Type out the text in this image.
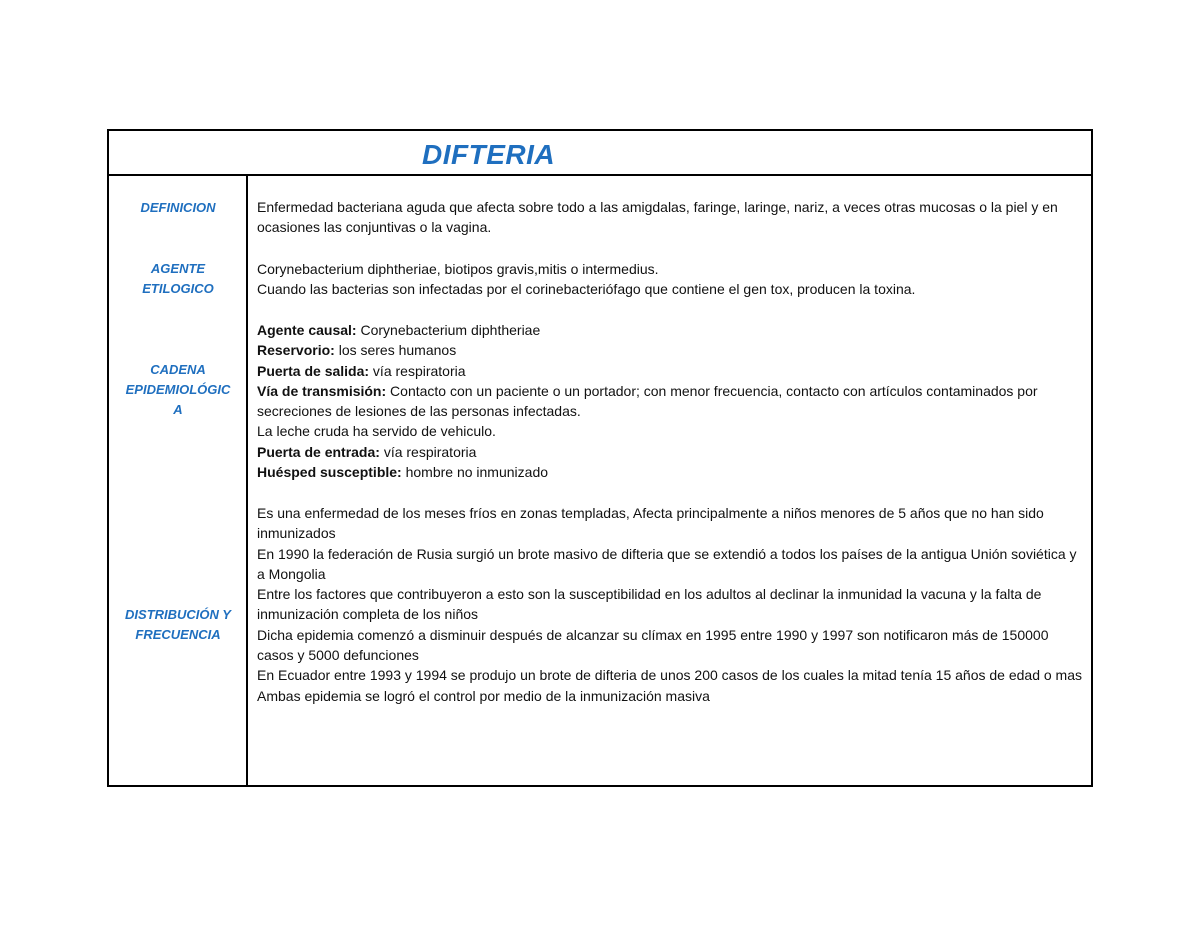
DIFTERIA
DEFINICION
AGENTE
ETILOGICO
CADENA
EPIDEMIOLÓGIC
A
DISTRIBUCIÓN Y
FRECUENCIA

Enfermedad bacteriana aguda que afecta sobre todo a las amigdalas, faringe, laringe, nariz, a veces otras mucosas o la piel y en ocasiones las conjuntivas o la vagina.

Corynebacterium diphtheriae, biotipos gravis,mitis o intermedius.

Cuando las bacterias son infectadas por el corinebacteriófago que contiene el gen tox, producen la toxina.

Agente causal: Corynebacterium diphtheriae

Reservorio: los seres humanos

Puerta de salida: vía respiratoria

Vía de transmisión: Contacto con un paciente o un portador; con menor frecuencia, contacto con artículos contaminados por secreciones de lesiones de las personas infectadas.

La leche cruda ha servido de vehiculo.

Puerta de entrada: vía respiratoria

Huésped susceptible: hombre no inmunizado

Es una enfermedad de los meses fríos en zonas templadas, Afecta principalmente a niños menores de 5 años que no han sido inmunizados

En 1990 la federación de Rusia surgió un brote masivo de difteria que se extendió a todos los países de la antigua Unión soviética y a Mongolia

Entre los factores que contribuyeron a esto son la susceptibilidad en los adultos al declinar la inmunidad la vacuna y la falta de inmunización completa de los niños

Dicha epidemia comenzó a disminuir después de alcanzar su clímax en 1995 entre 1990 y 1997 son notificaron más de 150000 casos y 5000 defunciones

En Ecuador entre 1993 y 1994 se produjo un brote de difteria de unos 200 casos de los cuales la mitad tenía 15 años de edad o mas

Ambas epidemia se logró el control por medio de la inmunización masiva
